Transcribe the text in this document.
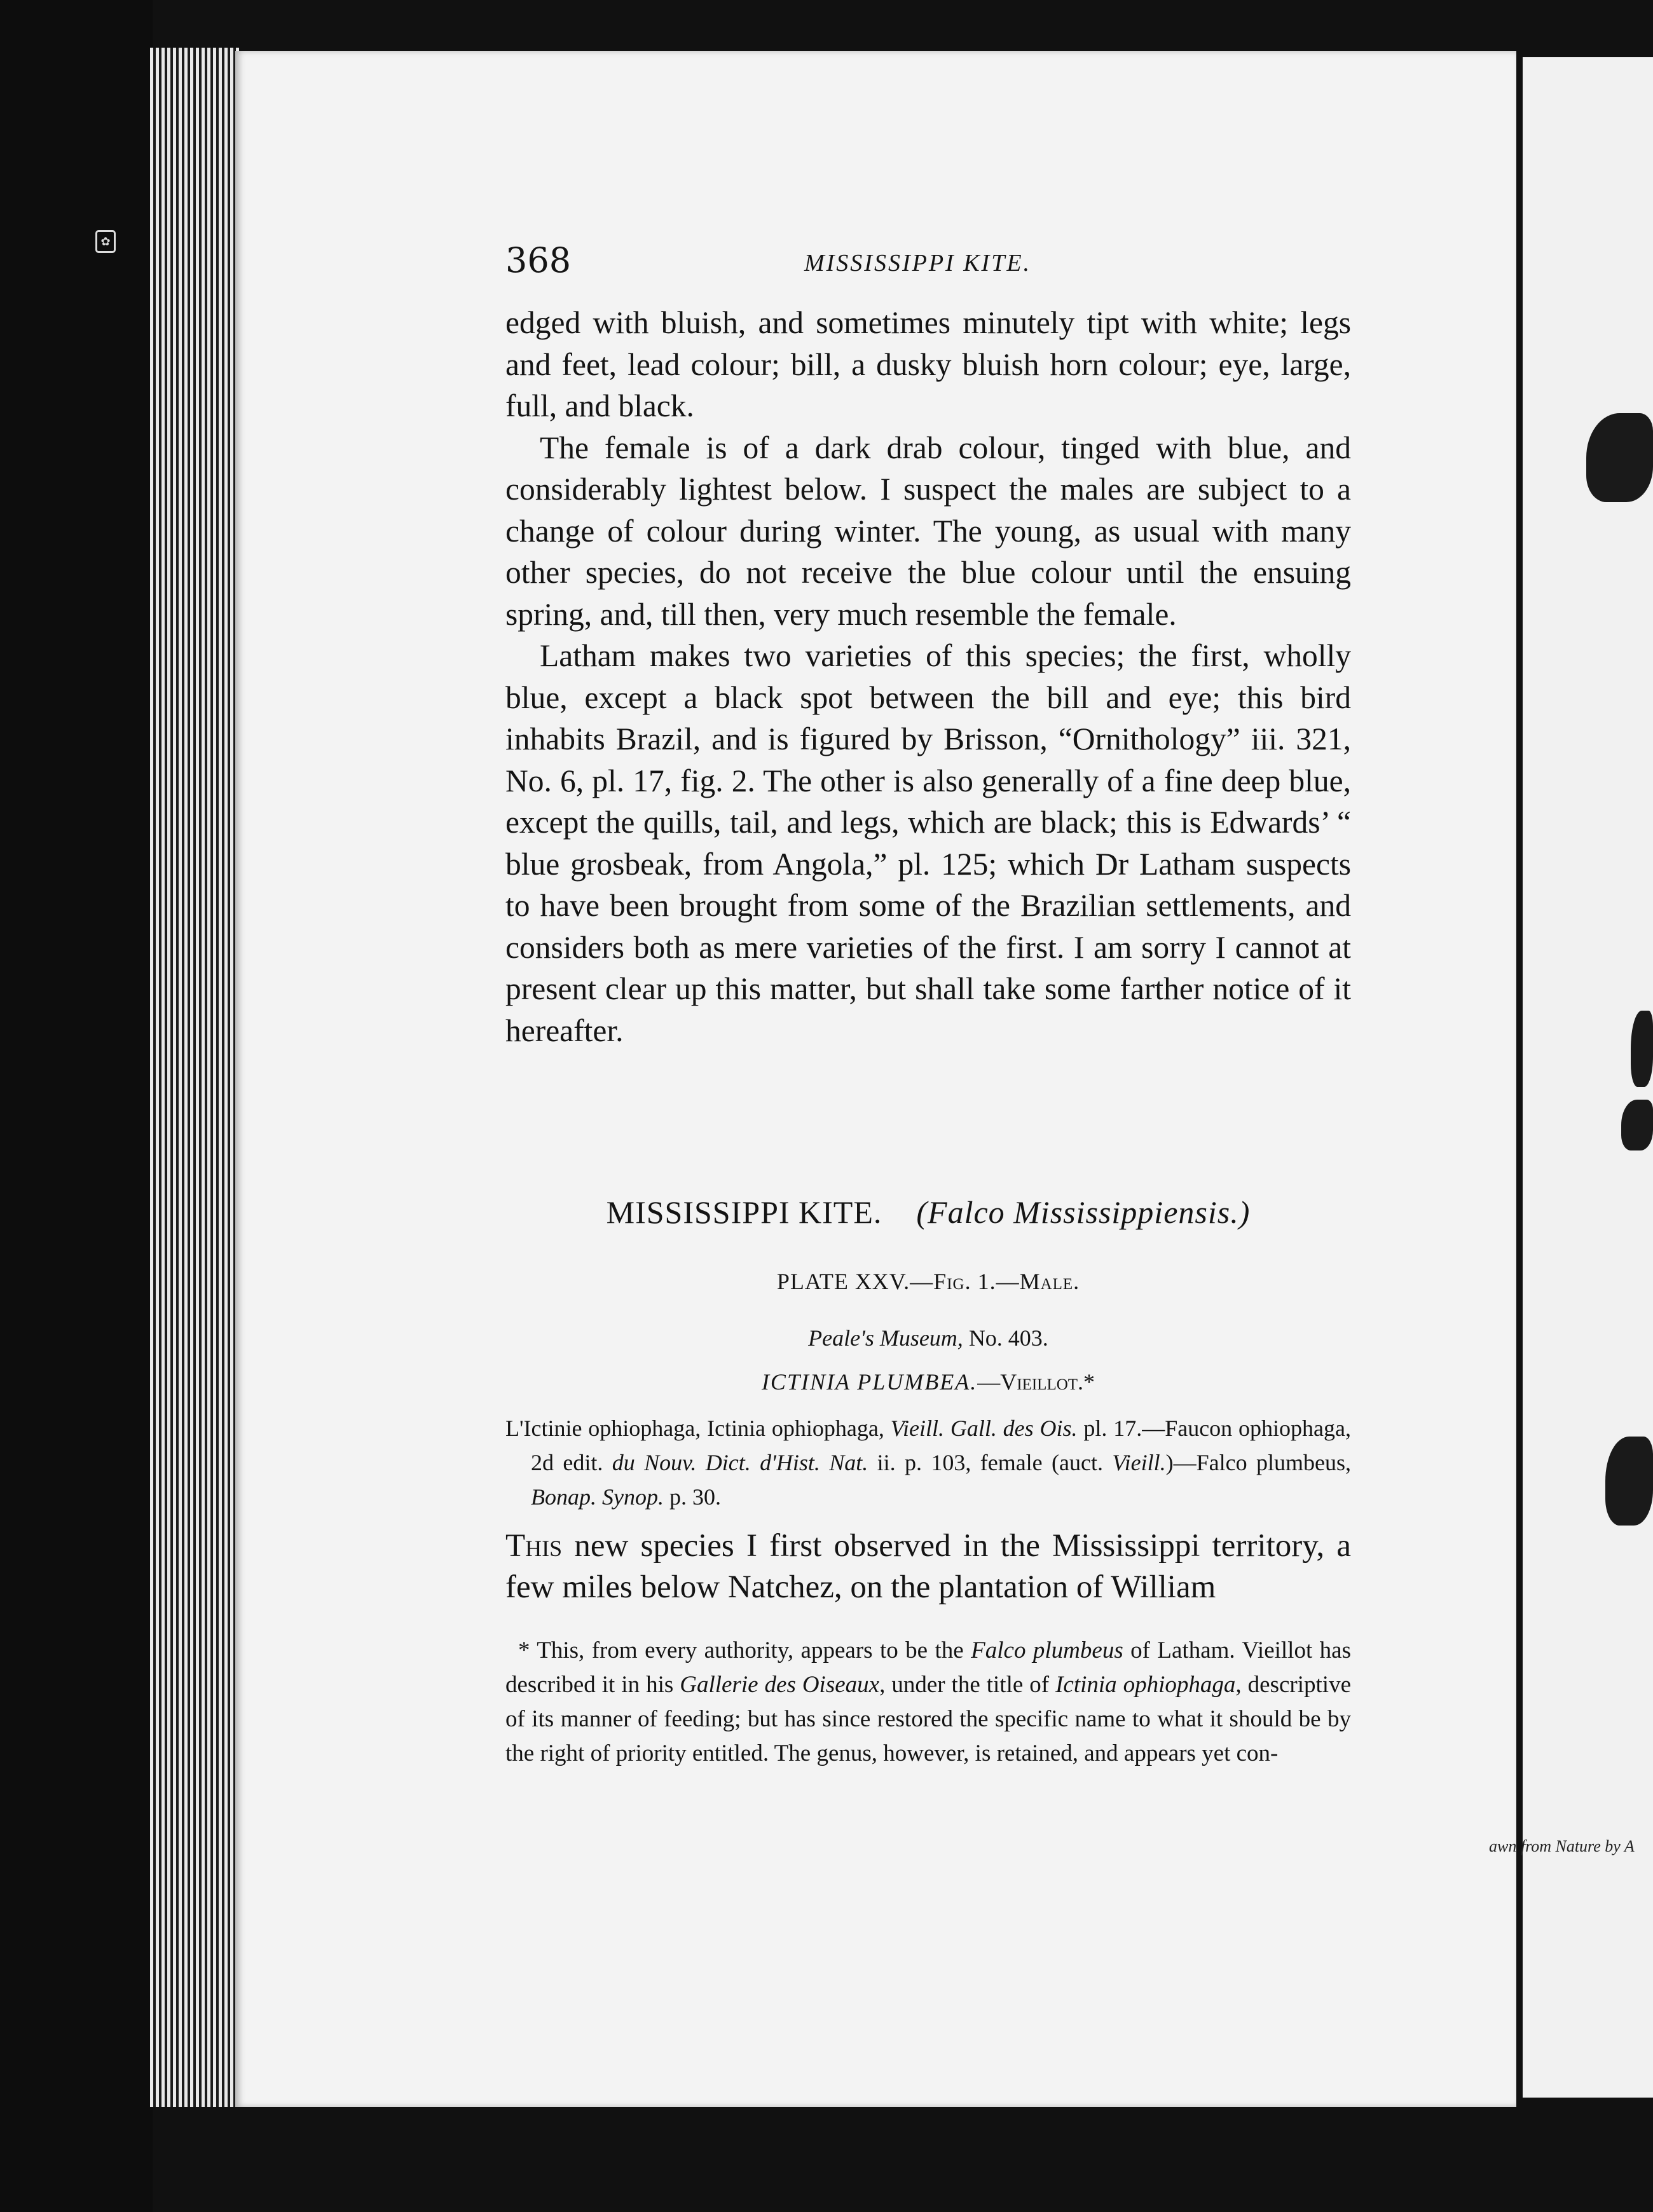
✿
awn from Nature by A
368	MISSISSIPPI KITE.

edged with bluish, and sometimes minutely tipt with white; legs and feet, lead colour; bill, a dusky bluish horn colour; eye, large, full, and black.

The female is of a dark drab colour, tinged with blue, and considerably lightest below. I suspect the males are subject to a change of colour during winter. The young, as usual with many other species, do not receive the blue colour until the ensuing spring, and, till then, very much resemble the female.

Latham makes two varieties of this species; the first, wholly blue, except a black spot between the bill and eye; this bird inhabits Brazil, and is figured by Brisson, “Ornithology” iii. 321, No. 6, pl. 17, fig. 2. The other is also generally of a fine deep blue, except the quills, tail, and legs, which are black; this is Edwards’ “ blue grosbeak, from Angola,” pl. 125; which Dr Latham suspects to have been brought from some of the Brazilian settlements, and considers both as mere varieties of the first. I am sorry I cannot at present clear up this matter, but shall take some farther notice of it hereafter.

MISSISSIPPI KITE. (Falco Mississippiensis.)
PLATE XXV.—Fig. 1.—Male.
Peale's Museum, No. 403.
ICTINIA PLUMBEA.—Vieillot.*

L'Ictinie ophiophaga, Ictinia ophiophaga, Vieill. Gall. des Ois. pl. 17.—Faucon ophiophaga, 2d edit. du Nouv. Dict. d'Hist. Nat. ii. p. 103, female (auct. Vieill.)—Falco plumbeus, Bonap. Synop. p. 30.

This new species I first observed in the Mississippi territory, a few miles below Natchez, on the plantation of William

* This, from every authority, appears to be the Falco plumbeus of Latham. Vieillot has described it in his Gallerie des Oiseaux, under the title of Ictinia ophiophaga, descriptive of its manner of feeding; but has since restored the specific name to what it should be by the right of priority entitled. The genus, however, is retained, and appears yet con-
